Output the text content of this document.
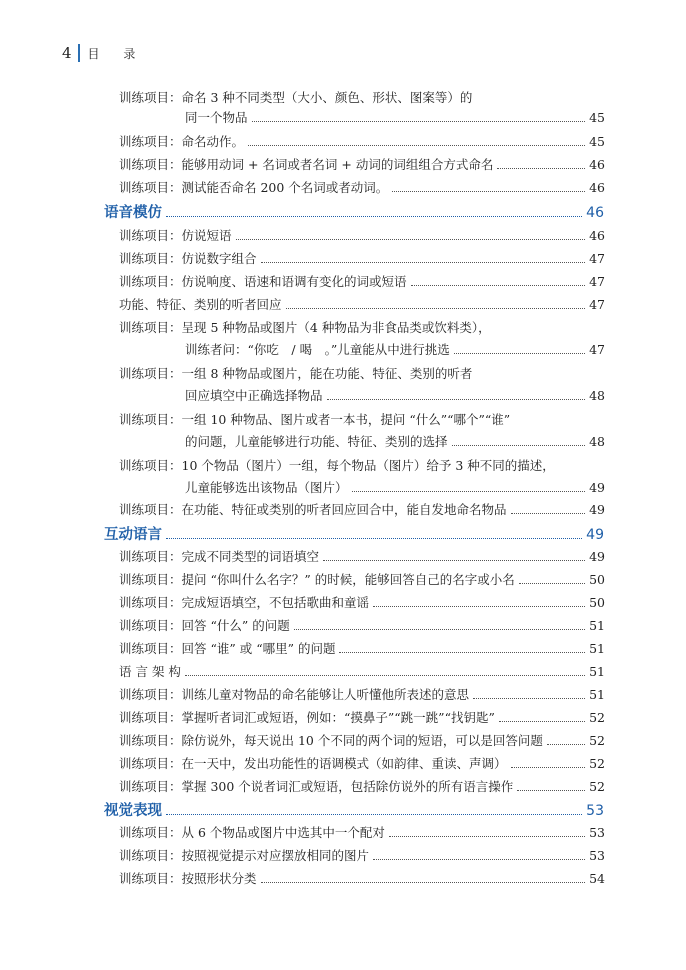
4 目 录
训练项目：命名 3 种不同类型（大小、颜色、形状、图案等）的
同一个物品	45
训练项目：命名动作。	45
训练项目：能够用动词 + 名词或者名词 + 动词的词组组合方式命名	46
训练项目：测试能否命名 200 个名词或者动词。	46
语音模仿	46
训练项目：仿说短语	46
训练项目：仿说数字组合	47
训练项目：仿说响度、语速和语调有变化的词或短语	47
功能、特征、类别的听者回应	47
训练项目：呈现 5 种物品或图片（4 种物品为非食品类或饮料类），
训练者问：“你吃　/ 喝　。”儿童能从中进行挑选	47
训练项目：一组 8 种物品或图片，能在功能、特征、类别的听者
回应填空中正确选择物品	48
训练项目：一组 10 种物品、图片或者一本书，提问 “什么”“哪个”“谁”
的问题，儿童能够进行功能、特征、类别的选择	48
训练项目：10 个物品（图片）一组，每个物品（图片）给予 3 种不同的描述，
儿童能够选出该物品（图片）	49
训练项目：在功能、特征或类别的听者回应回合中，能自发地命名物品	49
互动语言	49
训练项目：完成不同类型的词语填空	49
训练项目：提问 “你叫什么名字？” 的时候，能够回答自己的名字或小名	50
训练项目：完成短语填空，不包括歌曲和童谣	50
训练项目：回答 “什么” 的问题	51
训练项目：回答 “谁” 或 “哪里” 的问题	51
语 言 架 构	51
训练项目：训练儿童对物品的命名能够让人听懂他所表述的意思	51
训练项目：掌握听者词汇或短语，例如：“摸鼻子”“跳一跳”“找钥匙”	52
训练项目：除仿说外，每天说出 10 个不同的两个词的短语，可以是回答问题	52
训练项目：在一天中，发出功能性的语调模式（如韵律、重读、声调）	52
训练项目：掌握 300 个说者词汇或短语，包括除仿说外的所有语言操作	52
视觉表现	53
训练项目：从 6 个物品或图片中选其中一个配对	53
训练项目：按照视觉提示对应摆放相同的图片	53
训练项目：按照形状分类	54
